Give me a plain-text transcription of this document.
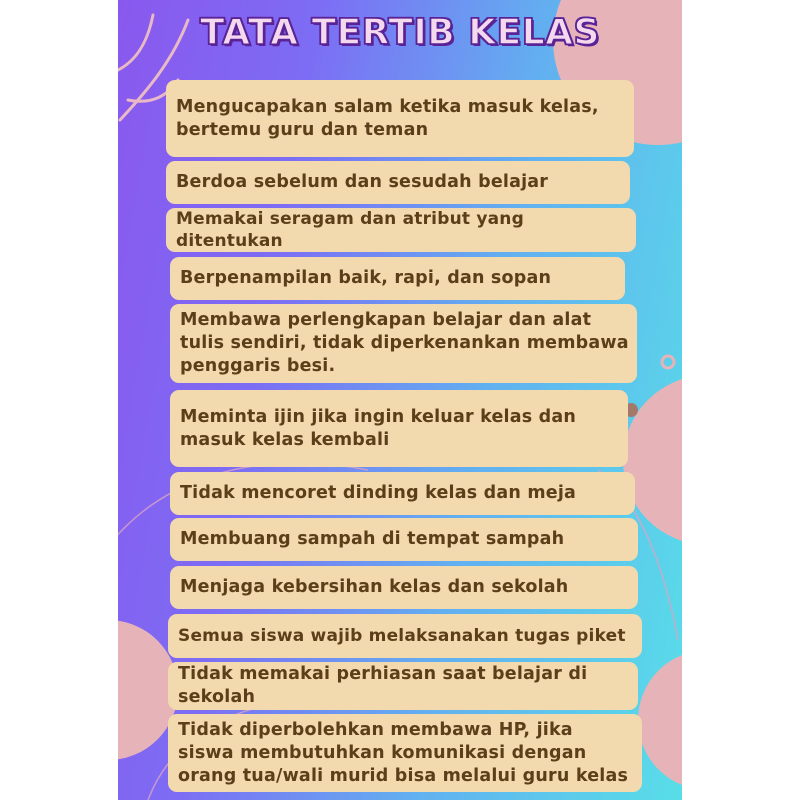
TATA TERTIB KELAS
Mengucapakan salam ketika masuk kelas, bertemu guru dan teman
Berdoa sebelum dan sesudah belajar
Memakai seragam dan atribut yang ditentukan
Berpenampilan baik, rapi, dan sopan
Membawa perlengkapan belajar dan alat tulis sendiri, tidak diperkenankan membawa penggaris besi.
Meminta ijin jika ingin keluar kelas dan masuk kelas kembali
Tidak mencoret dinding kelas dan meja
Membuang sampah di tempat sampah
Menjaga kebersihan kelas dan sekolah
Semua siswa wajib melaksanakan tugas piket
Tidak memakai perhiasan saat belajar di sekolah
Tidak diperbolehkan membawa HP, jika siswa membutuhkan komunikasi dengan orang tua/wali murid bisa melalui guru kelas
